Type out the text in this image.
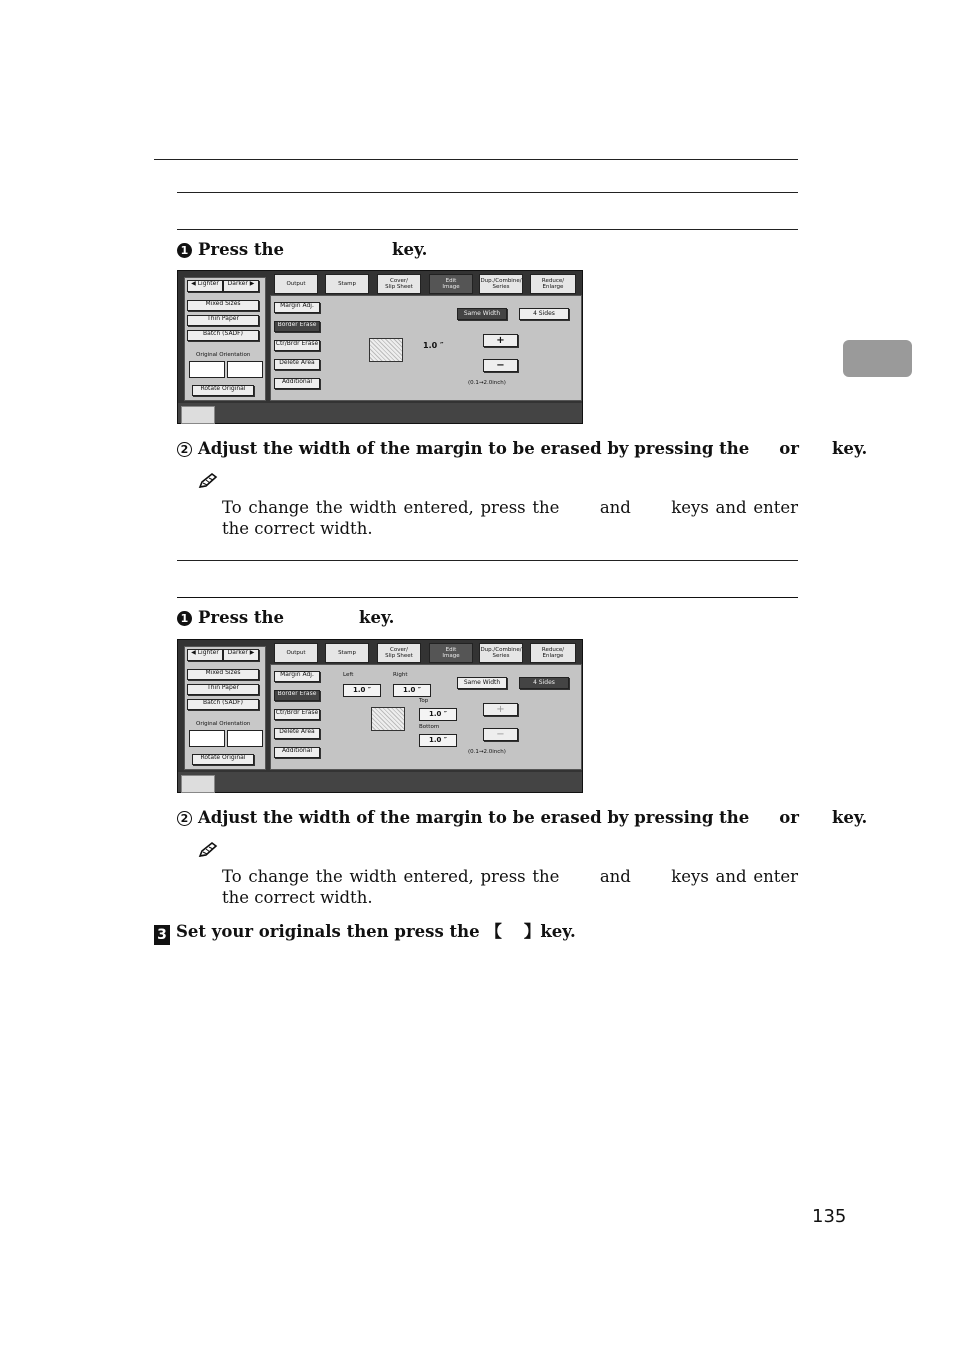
1 Press the	key.
◀ Lighter	Darker ▶
Mixed Sizes
Thin Paper
Batch (SADF)
Original Orientation
Rotate Original
Output	Stamp
Cover/
Slip Sheet
Edit
Image
Dup./Combine/
Series
Reduce/
Enlarge
Margin Adj.
Border Erase
Ctr/Brdr Erase
Delete Area
Additional
1.0 ″
Same Width	4 Sides
+
−
(0.1⇝2.0inch)
2 Adjust the width of the margin to be erased by pressing the or key.
To change the width entered, press the      and      keys and enter the correct width.
1 Press the	key.
◀ Lighter	Darker ▶
Mixed Sizes
Thin Paper
Batch (SADF)
Original Orientation
Rotate Original
Output	Stamp
Cover/
Slip Sheet
Edit
Image
Dup./Combine/
Series
Reduce/
Enlarge
Margin Adj.
Border Erase
Ctr/Brdr Erase
Delete Area
Additional
Left
1.0 ″
Right
1.0 ″
Top
1.0 ″
Bottom
1.0 ″
Same Width	4 Sides
+
−
(0.1⇝2.0inch)
2 Adjust the width of the margin to be erased by pressing the or key.
To change the width entered, press the      and      keys and enter the correct width.
3 Set your originals then press the 【 】key.
135
